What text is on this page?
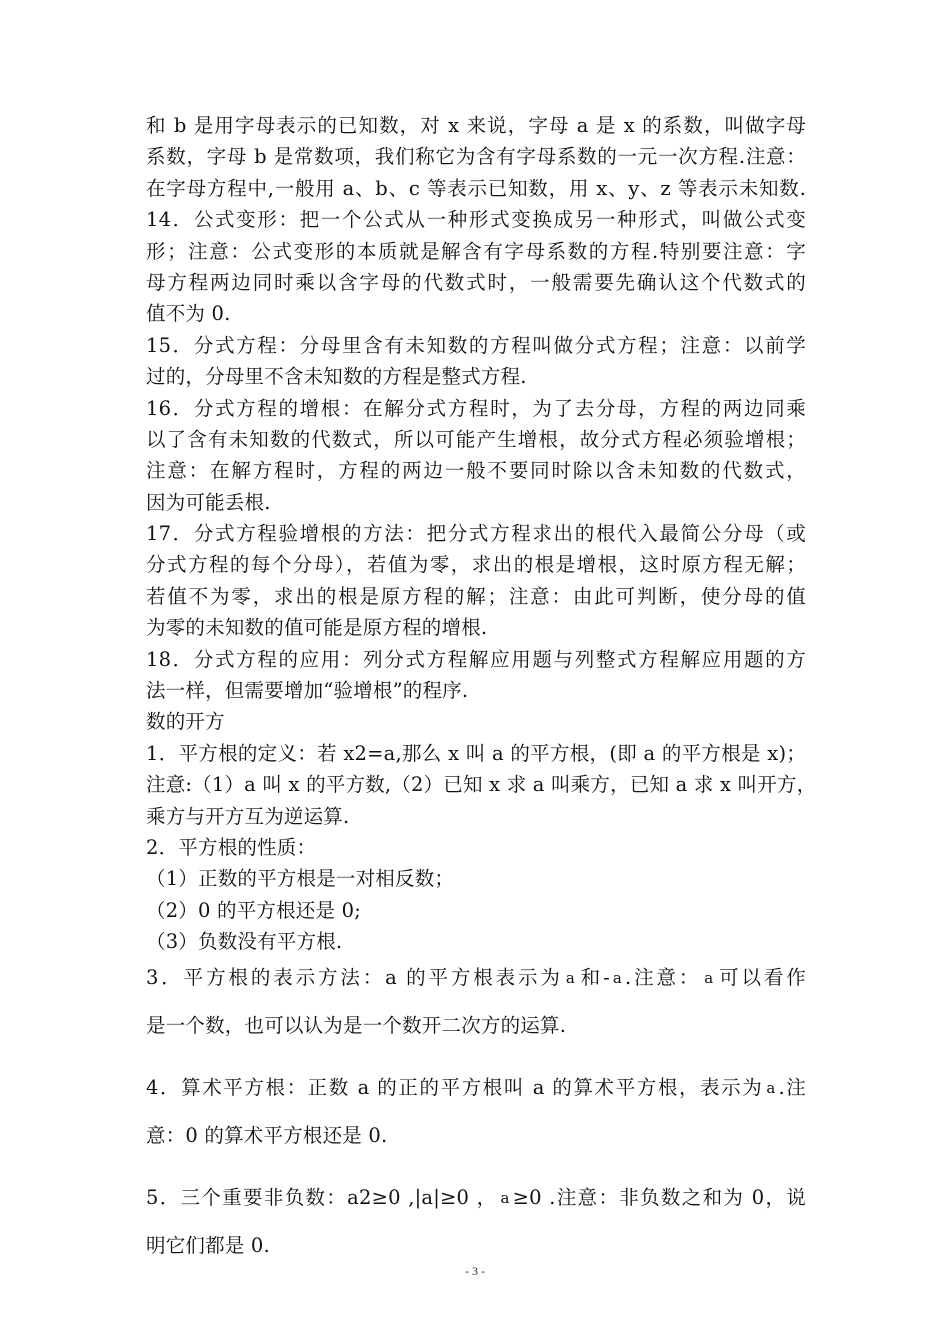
和 b 是用字母表示的已知数，对 x 来说，字母 a 是 x 的系数，叫做字母
系数，字母 b 是常数项，我们称它为含有字母系数的一元一次方程.注意：
在字母方程中,一般用 a、b、c 等表示已知数，用 x、y、z 等表示未知数.
14．公式变形：把一个公式从一种形式变换成另一种形式，叫做公式变
形；注意：公式变形的本质就是解含有字母系数的方程.特别要注意：字
母方程两边同时乘以含字母的代数式时，一般需要先确认这个代数式的
值不为 0.
15．分式方程：分母里含有未知数的方程叫做分式方程；注意：以前学
过的，分母里不含未知数的方程是整式方程.
16．分式方程的增根：在解分式方程时，为了去分母，方程的两边同乘
以了含有未知数的代数式，所以可能产生增根，故分式方程必须验增根；
注意：在解方程时，方程的两边一般不要同时除以含未知数的代数式，
因为可能丢根.
17．分式方程验增根的方法：把分式方程求出的根代入最简公分母（或
分式方程的每个分母），若值为零，求出的根是增根，这时原方程无解；
若值不为零，求出的根是原方程的解；注意：由此可判断，使分母的值
为零的未知数的值可能是原方程的增根.
18．分式方程的应用：列分式方程解应用题与列整式方程解应用题的方
法一样，但需要增加“验增根”的程序.
数的开方
1．平方根的定义：若 x2=a,那么 x 叫 a 的平方根，(即 a 的平方根是 x)；
注意:（1）a 叫 x 的平方数,（2）已知 x 求 a 叫乘方，已知 a 求 x 叫开方，
乘方与开方互为逆运算.
2．平方根的性质：
（1）正数的平方根是一对相反数；
（2）0 的平方根还是 0;
（3）负数没有平方根.
3．平方根的表示方法：a 的平方根表示为 a 和- a .注意： a 可以看作
是一个数，也可以认为是一个数开二次方的运算.
4．算术平方根：正数 a 的正的平方根叫 a 的算术平方根，表示为 a .注
意：0 的算术平方根还是 0.
5．三个重要非负数：a2≥0 ,|a|≥0 ， a ≥0 .注意：非负数之和为 0，说
明它们都是 0.
- 3 -
